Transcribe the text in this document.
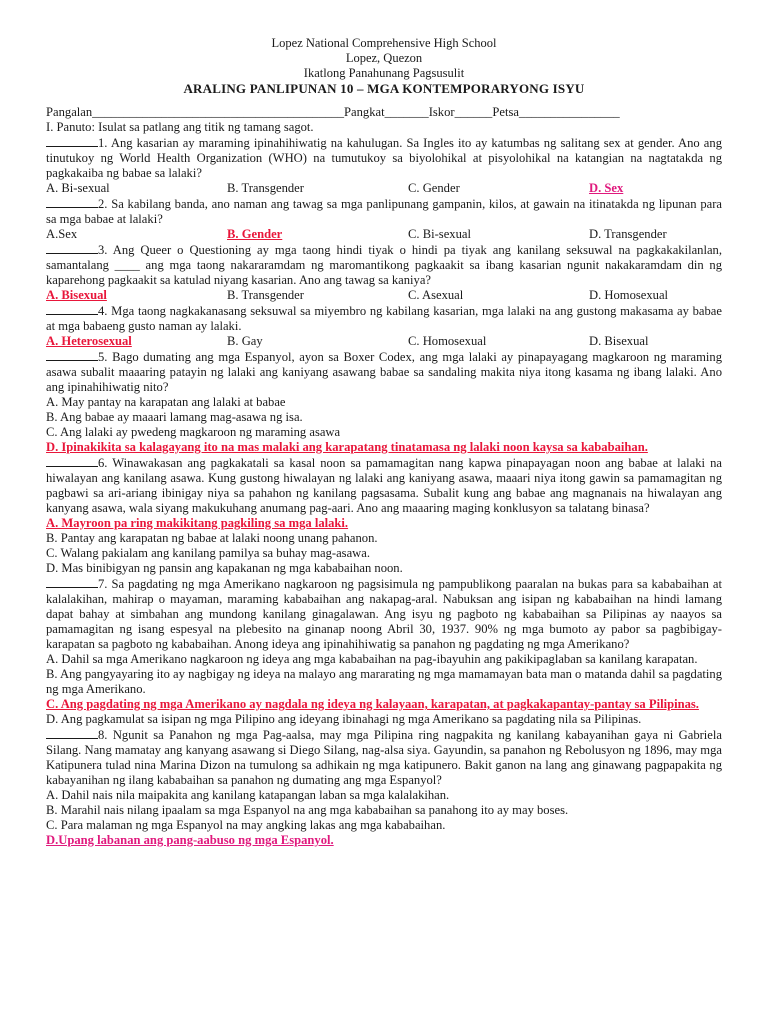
Lopez National Comprehensive High School
Lopez, Quezon
Ikatlong Panahunang Pagsusulit
ARALING PANLIPUNAN 10 – MGA KONTEMPORARYONG ISYU
Pangalan________________________________________Pangkat_______Iskor______Petsa________________
I. Panuto: Isulat sa patlang ang titik ng tamang sagot.
1. Ang kasarian ay maraming ipinahihiwatig na kahulugan. Sa Ingles ito ay katumbas ng salitang sex at gender. Ano ang tinutukoy ng World Health Organization (WHO) na tumutukoy sa biyolohikal at pisyolohikal na katangian na nagtatakda ng pagkakaiba ng babae sa lalaki?
A. Bi-sexual	B. Transgender	C. Gender	D. Sex
2. Sa kabilang banda, ano naman ang tawag sa mga panlipunang gampanin, kilos, at gawain na itinatakda ng lipunan para sa mga babae at lalaki?
A.Sex	B. Gender	C. Bi-sexual	D. Transgender
3. Ang Queer o Questioning ay mga taong hindi tiyak o hindi pa tiyak ang kanilang seksuwal na pagkakakilanlan, samantalang ____ ang mga taong nakararamdam ng maromantikong pagkaakit sa ibang kasarian ngunit nakakaramdam din ng kaparehong pagkaakit sa katulad niyang kasarian. Ano ang tawag sa kaniya?
A. Bisexual	B. Transgender	C. Asexual	D. Homosexual
4. Mga taong nagkakanasang seksuwal sa miyembro ng kabilang kasarian, mga lalaki na ang gustong makasama ay babae at mga babaeng gusto naman ay lalaki.
A. Heterosexual	B. Gay	C. Homosexual	D. Bisexual
5. Bago dumating ang mga Espanyol, ayon sa Boxer Codex, ang mga lalaki ay pinapayagang magkaroon ng maraming asawa subalit maaaring patayin ng lalaki ang kaniyang asawang babae sa sandaling makita niya itong kasama ng ibang lalaki. Ano ang ipinahihiwatig nito?
A. May pantay na karapatan ang lalaki at babae
B. Ang babae ay maaari lamang mag-asawa ng isa.
C. Ang lalaki ay pwedeng magkaroon ng maraming asawa
D. Ipinakikita sa kalagayang ito na mas malaki ang karapatang tinatamasa ng lalaki noon kaysa sa kababaihan.
6. Winawakasan ang pagkakatali sa kasal noon sa pamamagitan nang kapwa pinapayagan noon ang babae at lalaki na hiwalayan ang kanilang asawa. Kung gustong hiwalayan ng lalaki ang kaniyang asawa, maaari niya itong gawin sa pamamagitan ng pagbawi sa ari-ariang ibinigay niya sa pahahon ng kanilang pagsasama. Subalit kung ang babae ang magnanais na hiwalayan ang kanyang asawa, wala siyang makukuhang anumang pag-aari. Ano ang maaaring maging konklusyon sa talatang binasa?
A. Mayroon pa ring makikitang pagkiling sa mga lalaki.
B. Pantay ang karapatan ng babae at lalaki noong unang pahanon.
C. Walang pakialam ang kanilang pamilya sa buhay mag-asawa.
D. Mas binibigyan ng pansin ang kapakanan ng mga kababaihan noon.
7. Sa pagdating ng mga Amerikano nagkaroon ng pagsisimula ng pampublikong paaralan na bukas para sa kababaihan at kalalakihan, mahirap o mayaman, maraming kababaihan ang nakapag-aral. Nabuksan ang isipan ng kababaihan na hindi lamang dapat bahay at simbahan ang mundong kanilang ginagalawan. Ang isyu ng pagboto ng kababaihan sa Pilipinas ay naayos sa pamamagitan ng isang espesyal na plebesito na ginanap noong Abril 30, 1937. 90% ng mga bumoto ay pabor sa pagbibigay-karapatan sa pagboto ng kababaihan. Anong ideya ang ipinahihiwatig sa panahon ng pagdating ng mga Amerikano?
A. Dahil sa mga Amerikano nagkaroon ng ideya ang mga kababaihan na pag-ibayuhin ang pakikipaglaban sa kanilang karapatan.
B. Ang pangyayaring ito ay nagbigay ng ideya na malayo ang mararating ng mga mamamayan bata man o matanda dahil sa pagdating ng mga Amerikano.
C. Ang pagdating ng mga Amerikano ay nagdala ng ideya ng kalayaan, karapatan, at pagkakapantay-pantay sa Pilipinas.
D. Ang pagkamulat sa isipan ng mga Pilipino ang ideyang ibinahagi ng mga Amerikano sa pagdating nila sa Pilipinas.
8. Ngunit sa Panahon ng mga Pag-aalsa, may mga Pilipina ring nagpakita ng kanilang kabayanihan gaya ni Gabriela Silang. Nang mamatay ang kanyang asawang si Diego Silang, nag-alsa siya. Gayundin, sa panahon ng Rebolusyon ng 1896, may mga Katipunera tulad nina Marina Dizon na tumulong sa adhikain ng mga katipunero. Bakit ganon na lang ang ginawang pagpapakita ng kabayanihan ng ilang kababaihan sa panahon ng dumating ang mga Espanyol?
A. Dahil nais nila maipakita ang kanilang katapangan laban sa mga kalalakihan.
B. Marahil nais nilang ipaalam sa mga Espanyol na ang mga kababaihan sa panahong ito ay may boses.
C. Para malaman ng mga Espanyol na may angking lakas ang mga kababaihan.
D.Upang labanan ang pang-aabuso ng mga Espanyol.
